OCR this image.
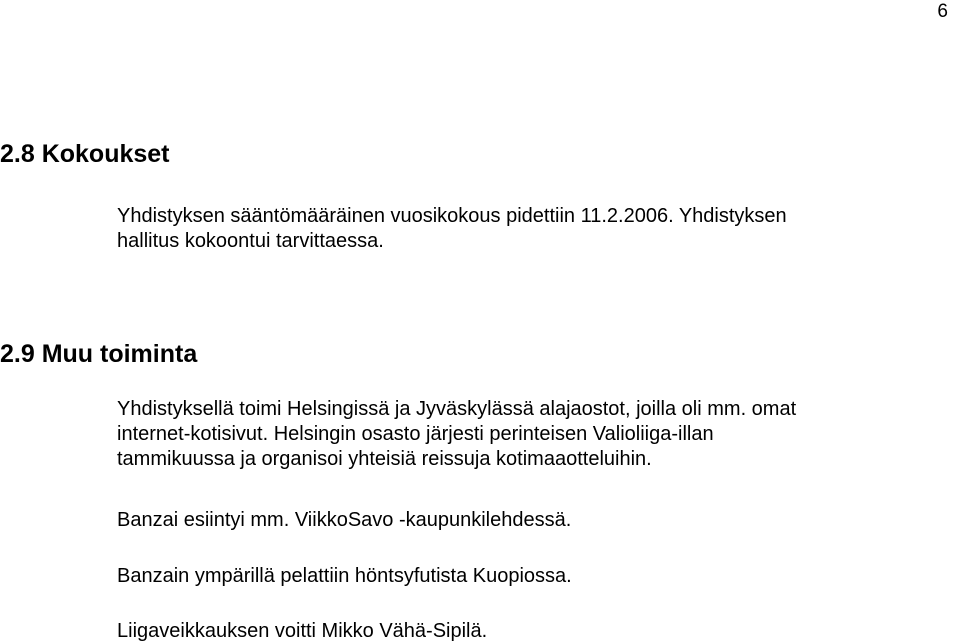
6
2.8 Kokoukset

Yhdistyksen sääntömääräinen vuosikokous pidettiin 11.2.2006. Yhdistyksen
hallitus kokoontui tarvittaessa.

2.9 Muu toiminta

Yhdistyksellä toimi Helsingissä ja Jyväskylässä alajaostot, joilla oli mm. omat
internet-kotisivut. Helsingin osasto järjesti perinteisen Valioliiga-illan
tammikuussa ja organisoi yhteisiä reissuja kotimaaotteluihin.

Banzai esiintyi mm. ViikkoSavo -kaupunkilehdessä.

Banzain ympärillä pelattiin höntsyfutista Kuopiossa.

Liigaveikkauksen voitti Mikko Vähä-Sipilä.
